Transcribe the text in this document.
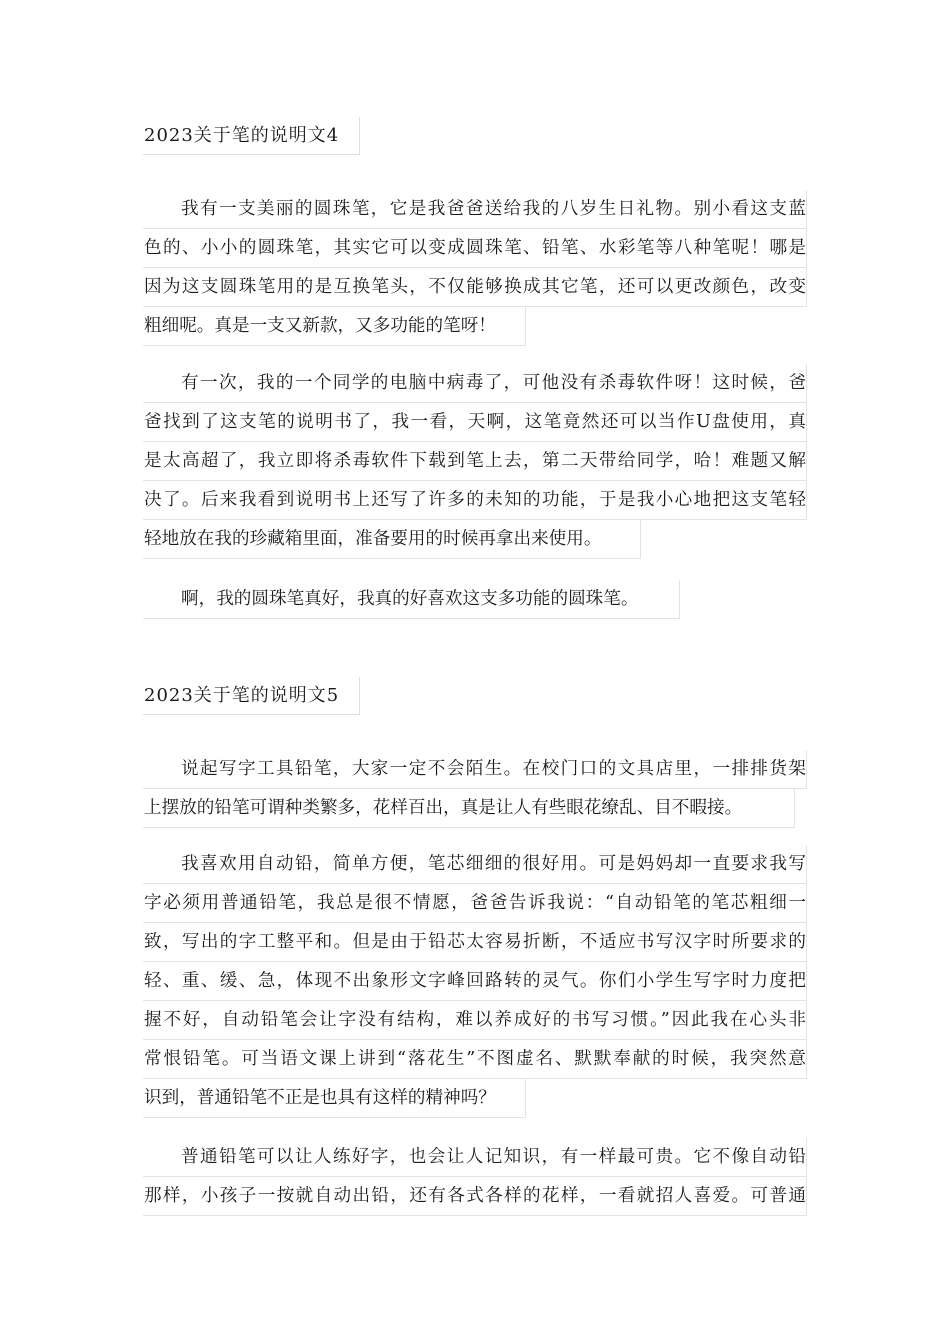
2023关于笔的说明文4
我有一支美丽的圆珠笔，它是我爸爸送给我的八岁生日礼物。别小看这支蓝
色的、小小的圆珠笔，其实它可以变成圆珠笔、铅笔、水彩笔等八种笔呢！哪是
因为这支圆珠笔用的是互换笔头，不仅能够换成其它笔，还可以更改颜色，改变
粗细呢。真是一支又新款，又多功能的笔呀！
有一次，我的一个同学的电脑中病毒了，可他没有杀毒软件呀！这时候，爸
爸找到了这支笔的说明书了，我一看，天啊，这笔竟然还可以当作U盘使用，真
是太高超了，我立即将杀毒软件下载到笔上去，第二天带给同学，哈！难题又解
决了。后来我看到说明书上还写了许多的未知的功能，于是我小心地把这支笔轻
轻地放在我的珍藏箱里面，准备要用的时候再拿出来使用。
啊，我的圆珠笔真好，我真的好喜欢这支多功能的圆珠笔。
2023关于笔的说明文5
说起写字工具铅笔，大家一定不会陌生。在校门口的文具店里，一排排货架
上摆放的铅笔可谓种类繁多，花样百出，真是让人有些眼花缭乱、目不暇接。
我喜欢用自动铅，简单方便，笔芯细细的很好用。可是妈妈却一直要求我写
字必须用普通铅笔，我总是很不情愿，爸爸告诉我说：“自动铅笔的笔芯粗细一
致，写出的字工整平和。但是由于铅芯太容易折断，不适应书写汉字时所要求的
轻、重、缓、急，体现不出象形文字峰回路转的灵气。你们小学生写字时力度把
握不好，自动铅笔会让字没有结构，难以养成好的书写习惯。”因此我在心头非
常恨铅笔。可当语文课上讲到“落花生”不图虚名、默默奉献的时候，我突然意
识到，普通铅笔不正是也具有这样的精神吗？
普通铅笔可以让人练好字，也会让人记知识，有一样最可贵。它不像自动铅
那样，小孩子一按就自动出铅，还有各式各样的花样，一看就招人喜爱。可普通
